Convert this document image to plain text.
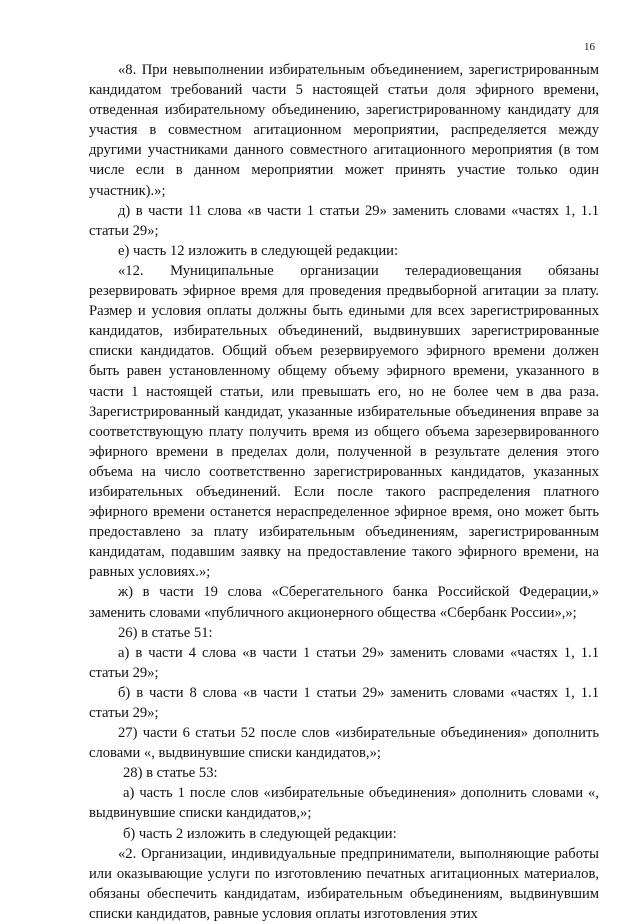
16

«8. При невыполнении избирательным объединением, зарегистрированным кандидатом требований части 5 настоящей статьи доля эфирного времени, отведенная избирательному объединению, зарегистрированному кандидату для участия в совместном агитационном мероприятии, распределяется между другими участниками данного совместного агитационного мероприятия (в том числе если в данном мероприятии может принять участие только один участник).»;

д) в части 11 слова «в части 1 статьи 29» заменить словами «частях 1, 1.1 статьи 29»;

е) часть 12 изложить в следующей редакции:

«12. Муниципальные организации телерадиовещания обязаны резервировать эфирное время для проведения предвыборной агитации за плату. Размер и условия оплаты должны быть едиными для всех зарегистрированных кандидатов, избирательных объединений, выдвинувших зарегистрированные списки кандидатов. Общий объем резервируемого эфирного времени должен быть равен установленному общему объему эфирного времени, указанного в части 1 настоящей статьи, или превышать его, но не более чем в два раза. Зарегистрированный кандидат, указанные избирательные объединения вправе за соответствующую плату получить время из общего объема зарезервированного эфирного времени в пределах доли, полученной в результате деления этого объема на число соответственно зарегистрированных кандидатов, указанных избирательных объединений. Если после такого распределения платного эфирного времени останется нераспределенное эфирное время, оно может быть предоставлено за плату избирательным объединениям, зарегистрированным кандидатам, подавшим заявку на предоставление такого эфирного времени, на равных условиях.»;

ж) в части 19 слова «Сберегательного банка Российской Федерации,» заменить словами «публичного акционерного общества «Сбербанк России»,»;

26) в статье 51:

а) в части 4 слова «в части 1 статьи 29» заменить словами «частях 1, 1.1 статьи 29»;

б) в части 8 слова «в части 1 статьи 29» заменить словами «частях 1, 1.1 статьи 29»;

27) части 6 статьи 52 после слов «избирательные объединения» дополнить словами «, выдвинувшие списки кандидатов,»;

28) в статье 53:

а) часть 1 после слов «избирательные объединения» дополнить словами «, выдвинувшие списки кандидатов,»;

б) часть 2 изложить в следующей редакции:

«2. Организации, индивидуальные предприниматели, выполняющие работы или оказывающие услуги по изготовлению печатных агитационных материалов, обязаны обеспечить кандидатам, избирательным объединениям, выдвинувшим списки кандидатов, равные условия оплаты изготовления этих
